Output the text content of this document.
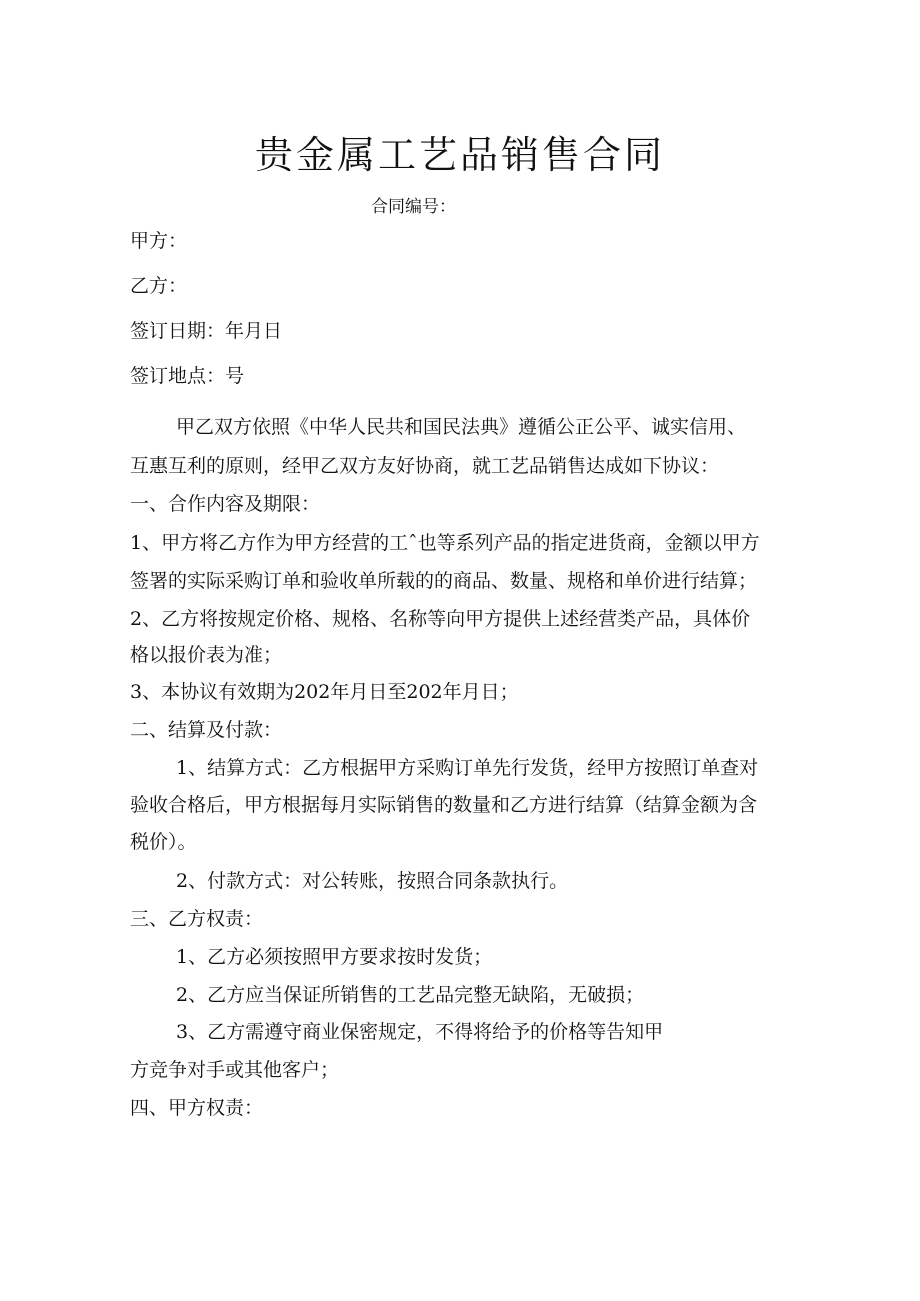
贵金属工艺品销售合同
合同编号：
甲方：
乙方：
签订日期：年月日
签订地点：号
甲乙双方依照《中华人民共和国民法典》遵循公正公平、诚实信用、
互惠互利的原则，经甲乙双方友好协商，就工艺品销售达成如下协议：
一、合作内容及期限：
1、甲方将乙方作为甲方经营的工ˆ也等系列产品的指定进货商，金额以甲方
签署的实际采购订单和验收单所载的的商品、数量、规格和单价进行结算；
2、乙方将按规定价格、规格、名称等向甲方提供上述经营类产品，具体价
格以报价表为准；
3、本协议有效期为202年月日至202年月日；
二、结算及付款：
1、结算方式：乙方根据甲方采购订单先行发货，经甲方按照订单查对
验收合格后，甲方根据每月实际销售的数量和乙方进行结算（结算金额为含
税价）。
2、付款方式：对公转账，按照合同条款执行。
三、乙方权责：
1、乙方必须按照甲方要求按时发货；
2、乙方应当保证所销售的工艺品完整无缺陷，无破损；
3、乙方需遵守商业保密规定，不得将给予的价格等告知甲
方竞争对手或其他客户；
四、甲方权责：
